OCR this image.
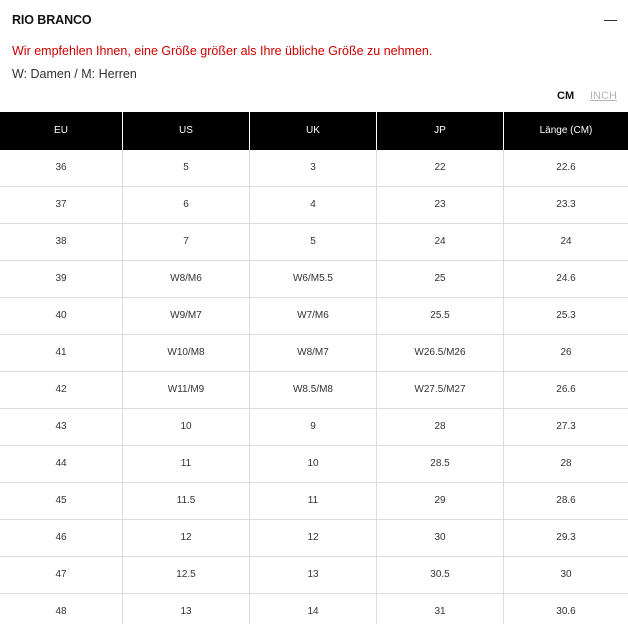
RIO BRANCO
Wir empfehlen Ihnen, eine Größe größer als Ihre übliche Größe zu nehmen.
W: Damen / M: Herren
CM INCH
EU	US	UK	JP	Länge (CM)
36	5	3	22	22.6
37	6	4	23	23.3
38	7	5	24	24
39	W8/M6	W6/M5.5	25	24.6
40	W9/M7	W7/M6	25.5	25.3
41	W10/M8	W8/M7	W26.5/M26	26
42	W11/M9	W8.5/M8	W27.5/M27	26.6
43	10	9	28	27.3
44	11	10	28.5	28
45	11.5	11	29	28.6
46	12	12	30	29.3
47	12.5	13	30.5	30
48	13	14	31	30.6
